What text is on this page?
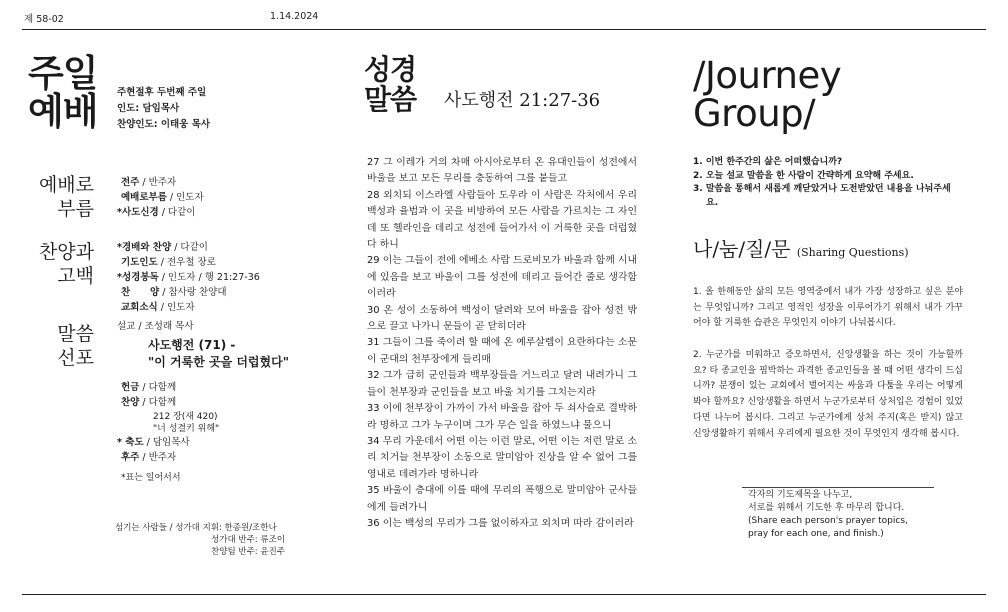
제 58-02	1.14.2024
주일
예배	주현절후 두번째 주일
인도: 담임목사
찬양인도: 이태웅 목사
예배로
부름
전주 / 반주자
예배로부름 / 인도자
*사도신경 / 다같이
찬양과
고백
*경배와 찬양 / 다같이
기도인도 / 전우철 장로
*성경봉독 / 인도자 / 행 21:27-36
찬      양 / 참사랑 찬양대
교회소식 / 인도자
말씀
선포
설교 / 조성래 목사
사도행전 (71) -
"이 거룩한 곳을 더럽혔다"
헌금 / 다함께
찬양 / 다함께
212 장(새 420)
"너 성결키 위해"
* 축도 / 담임목사
후주 / 반주자
*표는 일어서서
섬기는 사람들 / 성가대 지휘: 한종원/조한나
성가대 반주: 류조이
찬양팀 반주: 윤진주
성경
말씀 사도행전 21:27-36

27 그 이레가 거의 차매 아시아로부터 온 유대인들이 성전에서 바울을 보고 모든 무리를 충동하여 그를 붙들고

28 외치되 이스라엘 사람들아 도우라 이 사람은 각처에서 우리 백성과 율법과 이 곳을 비방하여 모든 사람을 가르치는 그 자인데 또 헬라인을 데리고 성전에 들어가서 이 거룩한 곳을 더럽혔다 하니

29 이는 그들이 전에 에베소 사람 드로비모가 바울과 함께 시내에 있음을 보고 바울이 그를 성전에 데리고 들어간 줄로 생각함이러라

30 온 성이 소동하여 백성이 달려와 모여 바울을 잡아 성전 밖으로 끌고 나가니 문들이 곧 닫히더라

31 그들이 그를 죽이려 할 때에 온 예루살렘이 요란하다는 소문이 군대의 천부장에게 들리매

32 그가 급히 군인들과 백부장들을 거느리고 달려 내려가니 그들이 천부장과 군인들을 보고 바울 치기를 그치는지라

33 이에 천부장이 가까이 가서 바울을 잡아 두 쇠사슬로 결박하라 명하고 그가 누구이며 그가 무슨 일을 하였느냐 물으니

34 무리 가운데서 어떤 이는 이런 말로, 어떤 이는 저런 말로 소리 치거늘 천부장이 소동으로 말미암아 진상을 알 수 없어 그를 영내로 데려가라 명하니라

35 바울이 층대에 이를 때에 무리의 폭행으로 말미암아 군사들에게 들려가니

36 이는 백성의 무리가 그를 없이하자고 외치며 따라 감이러라

/Journey
Group/
1. 이번 한주간의 삶은 어떠했습니까?
2. 오늘 설교 말씀을 한 사람이 간략하게 요약해 주세요.
3. 말씀을 통해서 새롭게 깨닫았거나 도전받았던 내용을 나눠주세요.
나/눔/질/문 (Sharing Questions)
1. 올 한해동안 삶의 모든 영역중에서 내가 가장 성장하고 싶은 분야는 무엇입니까? 그리고 영적인 성장을 이루어가기 위해서 내가 가꾸어야 할 거룩한 습관은 무엇인지 이야기 나눠봅시다.
2. 누군가를 미워하고 증오하면서, 신앙생활을 하는 것이 가능할까요? 타 종교인을 핍박하는 과격한 종교인들을 볼 때 어떤 생각이 드십니까? 분쟁이 있는 교회에서 벌어지는 싸움과 다툼을 우리는 어떻게 봐야 할까요? 신앙생활을 하면서 누군가로부터 상처입은 경험이 있었다면 나누어 봅시다. 그리고 누군가에게 상처 주지(혹은 받지) 않고 신앙생활하기 위해서 우리에게 필요한 것이 무엇인지 생각해 봅시다.
각자의 기도제목을 나누고,
서로를 위해서 기도한 후 마무리 합니다.
(Share each person's prayer topics,
pray for each one, and finish.)
